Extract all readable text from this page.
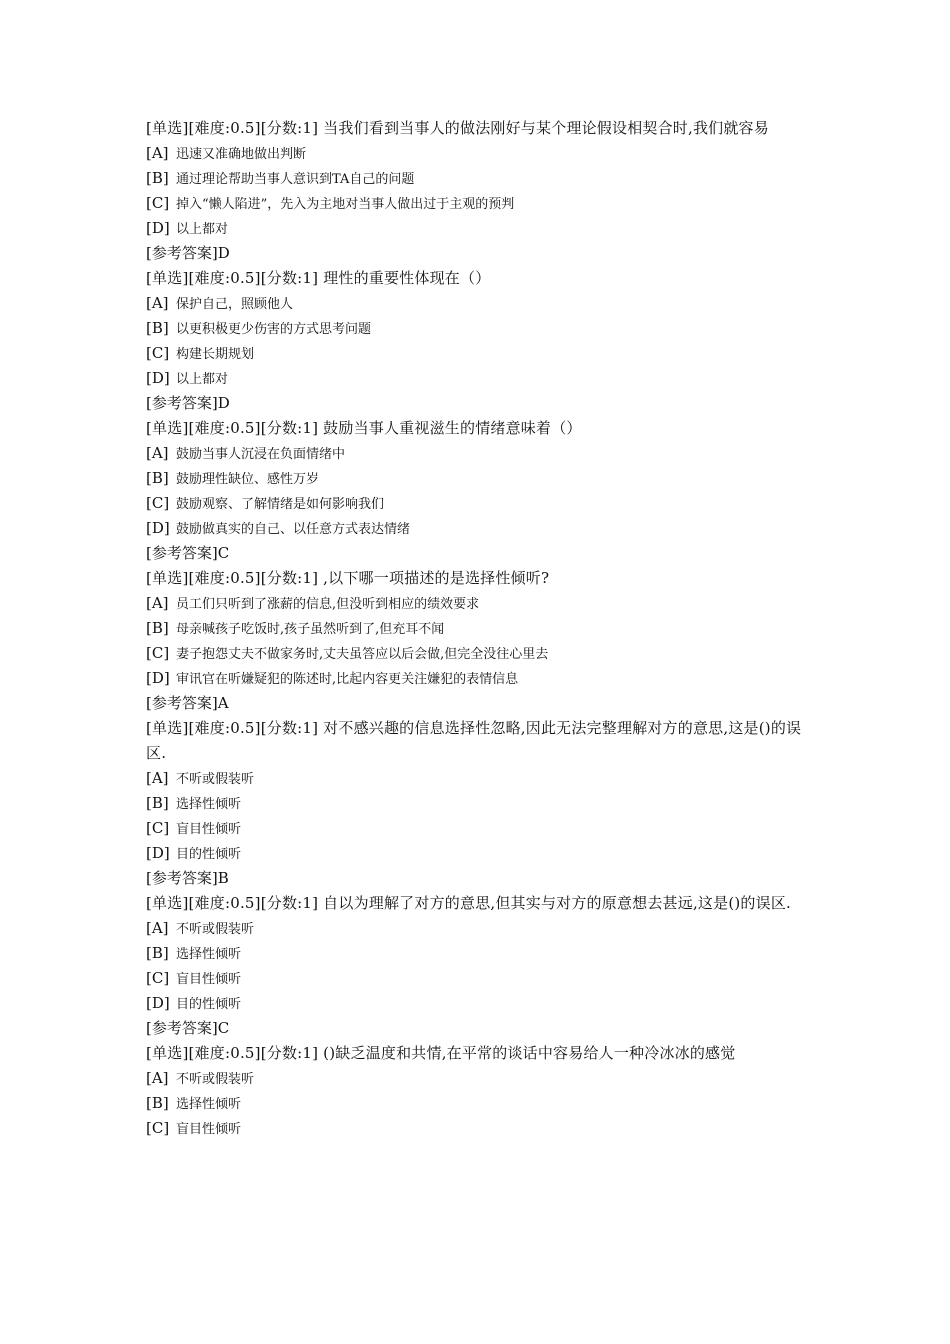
[单选][难度:0.5][分数:1] 当我们看到当事人的做法刚好与某个理论假设相契合时,我们就容易

[A] 迅速又准确地做出判断
[B] 通过理论帮助当事人意识到TA自己的问题
[C] 掉入“懒人陷进”，先入为主地对当事人做出过于主观的预判
[D] 以上都对
[参考答案]D

[单选][难度:0.5][分数:1] 理性的重要性体现在（）

[A] 保护自己，照顾他人
[B] 以更积极更少伤害的方式思考问题
[C] 构建长期规划
[D] 以上都对
[参考答案]D

[单选][难度:0.5][分数:1] 鼓励当事人重视滋生的情绪意味着（）

[A] 鼓励当事人沉浸在负面情绪中
[B] 鼓励理性缺位、感性万岁
[C] 鼓励观察、了解情绪是如何影响我们
[D] 鼓励做真实的自己、以任意方式表达情绪
[参考答案]C

[单选][难度:0.5][分数:1] ,以下哪一项描述的是选择性倾听?

[A] 员工们只听到了涨薪的信息,但没听到相应的绩效要求
[B] 母亲喊孩子吃饭时,孩子虽然听到了,但充耳不闻
[C] 妻子抱怨丈夫不做家务时,丈夫虽答应以后会做,但完全没往心里去
[D] 审讯官在听嫌疑犯的陈述时,比起内容更关注嫌犯的表情信息
[参考答案]A

[单选][难度:0.5][分数:1] 对不感兴趣的信息选择性忽略,因此无法完整理解对方的意思,这是()的误区.

[A] 不听或假装听
[B] 选择性倾听
[C] 盲目性倾听
[D] 目的性倾听
[参考答案]B

[单选][难度:0.5][分数:1] 自以为理解了对方的意思,但其实与对方的原意想去甚远,这是()的误区.

[A] 不听或假装听
[B] 选择性倾听
[C] 盲目性倾听
[D] 目的性倾听
[参考答案]C

[单选][难度:0.5][分数:1] ()缺乏温度和共情,在平常的谈话中容易给人一种冷冰冰的感觉

[A] 不听或假装听
[B] 选择性倾听
[C] 盲目性倾听
